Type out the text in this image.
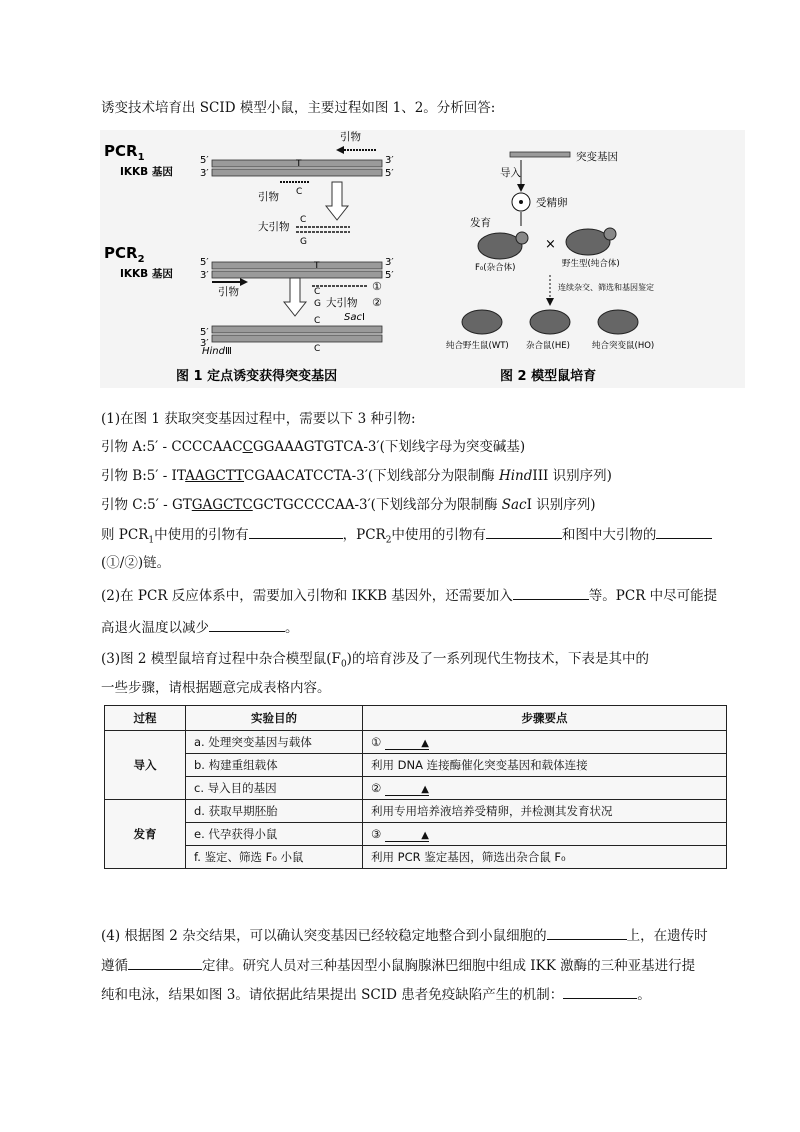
诱变技术培育出 SCID 模型小鼠，主要过程如图 1、2。分析回答:
$PCR_1$
IKKB 基因
5′
3′
3′
5′
引物
T
C
引物
大引物
C
G
$PCR_2$
IKKB 基因
5′
3′
3′
5′
T
C
引物	①
G 大引物 ②
SacⅠ
C
5′
3′	C
HindⅢ
图 1 定点诱变获得突变基因
突变基因
导入
受精卵
发育
F₀(杂合体)
×
野生型(纯合体)
连续杂交、筛选和基因鉴定
纯合野生鼠(WT) 杂合鼠(HE)	纯合突变鼠(HO)
图 2 模型鼠培育
(1)在图 1 获取突变基因过程中，需要以下 3 种引物:
引物 A:5′ - CCCCAACCGGAAAGTGTCA-3′(下划线字母为突变碱基)
引物 B:5′ - ITAAGCTTCGAACATCCTA-3′(下划线部分为限制酶 HindIII 识别序列)
引物 C:5′ - GTGAGCTCGCTGCCCCAA-3′(下划线部分为限制酶 SacI 识别序列)
则 $PCR_1$中使用的引物有	，$PCR_2$中使用的引物有	和图中大引物的
(①/②)链。
(2)在 PCR 反应体系中，需要加入引物和 IKKB 基因外，还需要加入	等。PCR 中尽可能提
高退火温度以减少	。
(3)图 2 模型鼠培育过程中杂合模型鼠$(F_0)$的培育涉及了一系列现代生物技术，下表是其中的
一些步骤，请根据题意完成表格内容。
过程	实验目的	步骤要点
导入	a. 处理突变基因与载体	① ▲
	b. 构建重组载体	利用 DNA 连接酶催化突变基因和载体连接
	c. 导入目的基因	② ▲
发育	d. 获取早期胚胎	利用专用培养液培养受精卵，并检测其发育状况
	e. 代孕获得小鼠	③ ▲
	f. 鉴定、筛选 F₀ 小鼠	利用 PCR 鉴定基因，筛选出杂合鼠 F₀
(4) 根据图 2 杂交结果，可以确认突变基因已经较稳定地整合到小鼠细胞的	上，在遗传时
遵循	定律。研究人员对三种基因型小鼠胸腺淋巴细胞中组成 IKK 激酶的三种亚基进行提
纯和电泳，结果如图 3。请依据此结果提出 SCID 患者免疫缺陷产生的机制：	。
